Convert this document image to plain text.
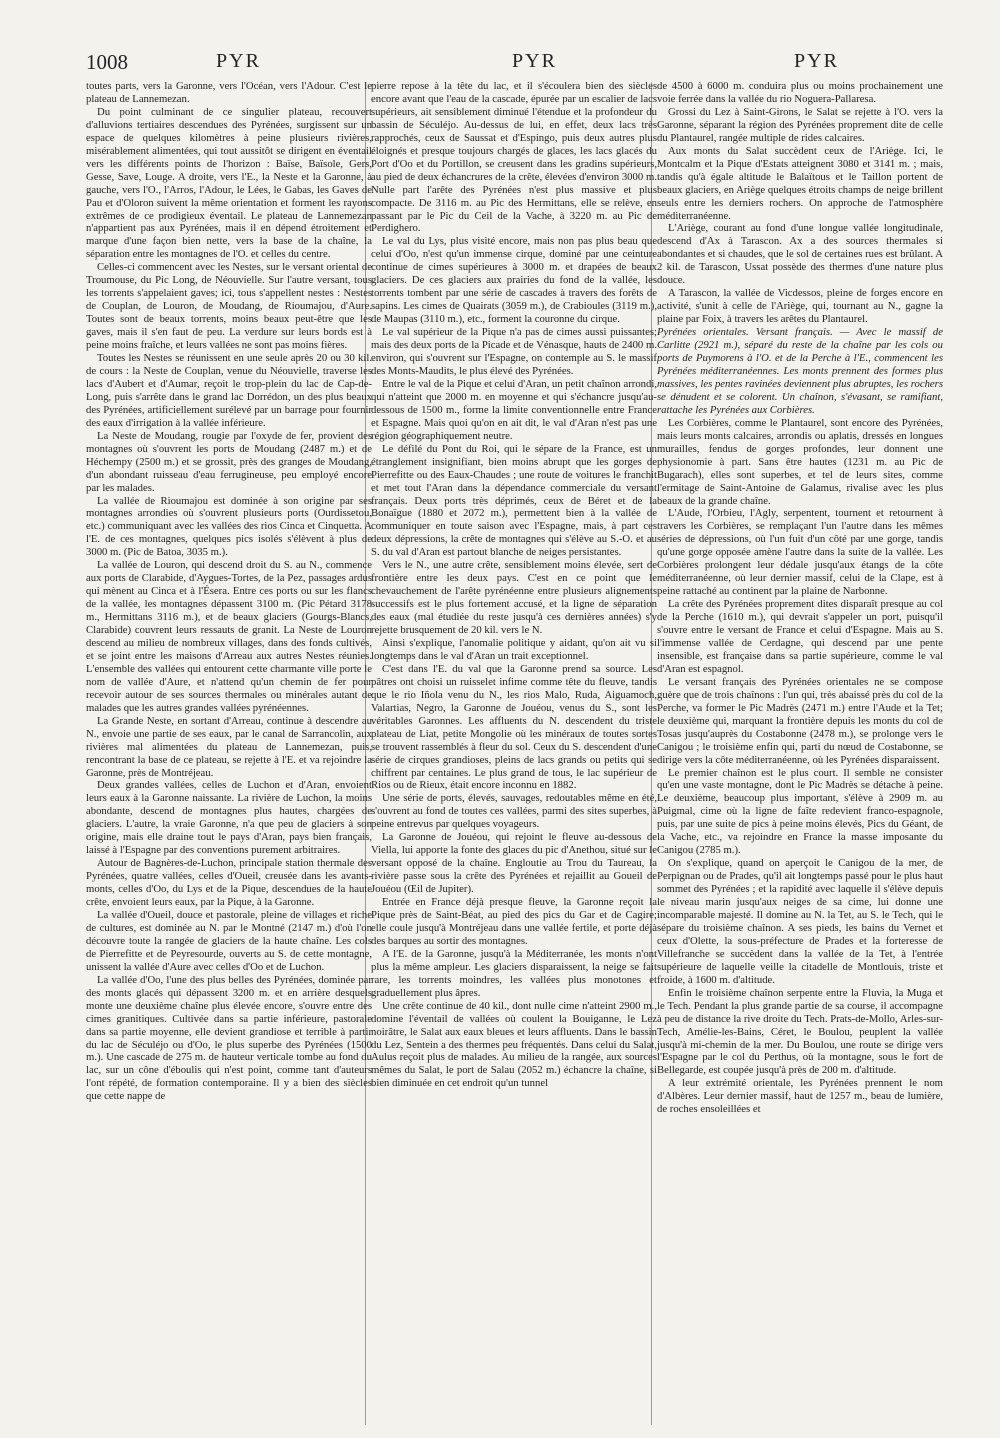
1008	PYR	PYR	PYR

toutes parts, vers la Garonne, vers l'Océan, vers l'Adour. C'est le plateau de Lannemezan.

Du point culminant de ce singulier plateau, recouvert d'alluvions tertiaires descendues des Pyrénées, surgissent sur un espace de quelques kilomètres à peine plusieurs rivières, misérablement alimentées, qui tout aussitôt se dirigent en éventail vers les différents points de l'horizon : Baïse, Baïsole, Gers, Gesse, Save, Louge. A droite, vers l'E., la Neste et la Garonne, à gauche, vers l'O., l'Arros, l'Adour, le Lées, le Gabas, les Gaves de Pau et d'Oloron suivent la même orientation et forment les rayons extrêmes de ce prodigieux éventail. Le plateau de Lannemezan n'appartient pas aux Pyrénées, mais il en dépend étroitement et marque d'une façon bien nette, vers la base de la chaîne, la séparation entre les montagnes de l'O. et celles du centre.

Celles-ci commencent avec les Nestes, sur le versant oriental de Troumouse, du Pic Long, de Néouvielle. Sur l'autre versant, tous les torrents s'appelaient gaves; ici, tous s'appellent nestes : Nestes de Couplan, de Louron, de Moudang, de Rioumajou, d'Aure. Toutes sont de beaux torrents, moins beaux peut-être que les gaves, mais il s'en faut de peu. La verdure sur leurs bords est à peine moins fraîche, et leurs vallées ne sont pas moins fières.

Toutes les Nestes se réunissent en une seule après 20 ou 30 kil. de cours : la Neste de Couplan, venue du Néouvielle, traverse les lacs d'Aubert et d'Aumar, reçoit le trop-plein du lac de Cap-de-Long, puis s'arrête dans le grand lac Dorrédon, un des plus beaux des Pyrénées, artificiellement surélevé par un barrage pour fournir des eaux d'irrigation à la vallée inférieure.

La Neste de Moudang, rougie par l'oxyde de fer, provient des montagnes où s'ouvrent les ports de Moudang (2487 m.) et de Héchempy (2500 m.) et se grossit, près des granges de Moudang, d'un abondant ruisseau d'eau ferrugineuse, peu employé encore par les malades.

La vallée de Rioumajou est dominée à son origine par ses montagnes arrondies où s'ouvrent plusieurs ports (Ourdissetou, etc.) communiquant avec les vallées des rios Cinca et Cinquetta. A l'E. de ces montagnes, quelques pics isolés s'élèvent à plus de 3000 m. (Pic de Batoa, 3035 m.).

La vallée de Louron, qui descend droit du S. au N., commence aux ports de Clarabide, d'Aygues-Tortes, de la Pez, passages ardus qui mènent au Cinca et à l'Ésera. Entre ces ports ou sur les flancs de la vallée, les montagnes dépassent 3100 m. (Pic Pétard 3178 m., Hermittans 3116 m.), et de beaux glaciers (Gourgs-Blancs, Clarabide) couvrent leurs ressauts de granit. La Neste de Louron descend au milieu de nombreux villages, dans des fonds cultivés, et se joint entre les maisons d'Arreau aux autres Nestes réunies. L'ensemble des vallées qui entourent cette charmante ville porte le nom de vallée d'Aure, et n'attend qu'un chemin de fer pour recevoir autour de ses sources thermales ou minérales autant de malades que les autres grandes vallées pyrénéennes.

La Grande Neste, en sortant d'Arreau, continue à descendre au N., envoie une partie de ses eaux, par le canal de Sarrancolin, aux rivières mal alimentées du plateau de Lannemezan, puis, rencontrant la base de ce plateau, se rejette à l'E. et va rejoindre la Garonne, près de Montréjeau.

Deux grandes vallées, celles de Luchon et d'Aran, envoient leurs eaux à la Garonne naissante. La rivière de Luchon, la moins abondante, descend de montagnes plus hautes, chargées de glaciers. L'autre, la vraie Garonne, n'a que peu de glaciers à son origine, mais elle draine tout le pays d'Aran, pays bien français, laissé à l'Espagne par des conventions purement arbitraires.

Autour de Bagnères-de-Luchon, principale station thermale des Pyrénées, quatre vallées, celles d'Oueil, creusée dans les avants-monts, celles d'Oo, du Lys et de la Pique, descendues de la haute crête, envoient leurs eaux, par la Pique, à la Garonne.

La vallée d'Oueil, douce et pastorale, pleine de villages et riche de cultures, est dominée au N. par le Montné (2147 m.) d'où l'on découvre toute la rangée de glaciers de la haute chaîne. Les cols de Pierrefitte et de Peyresourde, ouverts au S. de cette montagne, unissent la vallée d'Aure avec celles d'Oo et de Luchon.

La vallée d'Oo, l'une des plus belles des Pyrénées, dominée par des monts glacés qui dépassent 3200 m. et en arrière desquels monte une deuxième chaîne plus élevée encore, s'ouvre entre des cimes granitiques. Cultivée dans sa partie inférieure, pastorale dans sa partie moyenne, elle devient grandiose et terrible à partir du lac de Séculéjo ou d'Oo, le plus superbe des Pyrénées (1500 m.). Une cascade de 275 m. de hauteur verticale tombe au fond du lac, sur un cône d'éboulis qui n'est point, comme tant d'auteurs l'ont répété, de formation contemporaine. Il y a bien des siècles que cette nappe de

pierre repose à la tête du lac, et il s'écoulera bien des siècles encore avant que l'eau de la cascade, épurée par un escalier de lacs supérieurs, ait sensiblement diminué l'étendue et la profondeur du bassin de Séculéjo. Au-dessus de lui, en effet, deux lacs très rapprochés, ceux de Saussat et d'Espingo, puis deux autres plus éloignés et presque toujours chargés de glaces, les lacs glacés du Port d'Oo et du Portillon, se creusent dans les gradins supérieurs, au pied de deux échancrures de la crête, élevées d'environ 3000 m. Nulle part l'arête des Pyrénées n'est plus massive et plus compacte. De 3116 m. au Pic des Hermittans, elle se relève, en passant par le Pic du Ceil de la Vache, à 3220 m. au Pic de Perdighero.

Le val du Lys, plus visité encore, mais non pas plus beau que celui d'Oo, n'est qu'un immense cirque, dominé par une ceinture continue de cimes supérieures à 3000 m. et drapées de beaux glaciers. De ces glaciers aux prairies du fond de la vallée, les torrents tombent par une série de cascades à travers des forêts de sapins. Les cimes de Quairats (3059 m.), de Crabioules (3119 m.), de Maupas (3110 m.), etc., forment la couronne du cirque.

Le val supérieur de la Pique n'a pas de cimes aussi puissantes; mais des deux ports de la Picade et de Vénasque, hauts de 2400 m. environ, qui s'ouvrent sur l'Espagne, on contemple au S. le massif des Monts-Maudits, le plus élevé des Pyrénées.

Entre le val de la Pique et celui d'Aran, un petit chaînon arrondi, qui n'atteint que 2000 m. en moyenne et qui s'échancre jusqu'au-dessous de 1500 m., forme la limite conventionnelle entre France et Espagne. Mais quoi qu'on en ait dit, le val d'Aran n'est pas une région géographiquement neutre.

Le défilé du Pont du Roi, qui le sépare de la France, est un étranglement insignifiant, bien moins abrupt que les gorges de Pierrefitte ou des Eaux-Chaudes ; une route de voitures le franchit et met tout l'Aran dans la dépendance commerciale du versant français. Deux ports très déprimés, ceux de Béret et de la Bonaïgue (1880 et 2072 m.), permettent bien à la vallée de communiquer en toute saison avec l'Espagne, mais, à part ces deux dépressions, la crête de montagnes qui s'élève au S.-O. et au S. du val d'Aran est partout blanche de neiges persistantes.

Vers le N., une autre crête, sensiblement moins élevée, sert de frontière entre les deux pays. C'est en ce point que le chevauchement de l'arête pyrénéenne entre plusieurs alignements successifs est le plus fortement accusé, et la ligne de séparation des eaux (mal étudiée du reste jusqu'à ces dernières années) s'y rejette brusquement de 20 kil. vers le N.

Ainsi s'explique, l'anomalie politique y aidant, qu'on ait vu si longtemps dans le val d'Aran un trait exceptionnel.

C'est dans l'E. du val que la Garonne prend sa source. Les pâtres ont choisi un ruisselet infime comme tête du fleuve, tandis que le rio Iñola venu du N., les rios Malo, Ruda, Aiguamoch, Valartias, Negro, la Garonne de Jouéou, venus du S., sont les véritables Garonnes. Les affluents du N. descendent du triste plateau de Liat, petite Mongolie où les minéraux de toutes sortes se trouvent rassemblés à fleur du sol. Ceux du S. descendent d'une série de cirques grandioses, pleins de lacs grands ou petits qui se chiffrent par centaines. Le plus grand de tous, le lac supérieur de Rios ou de Rieux, était encore inconnu en 1882.

Une série de ports, élevés, sauvages, redoutables même en été, s'ouvrent au fond de toutes ces vallées, parmi des sites superbes, à peine entrevus par quelques voyageurs.

La Garonne de Jouéou, qui rejoint le fleuve au-dessous de Viella, lui apporte la fonte des glaces du pic d'Anethou, situé sur le versant opposé de la chaîne. Engloutie au Trou du Taureau, la rivière passe sous la crête des Pyrénées et rejaillit au Goueil de Jouéou (Œil de Jupiter).

Entrée en France déjà presque fleuve, la Garonne reçoit la Pique près de Saint-Béat, au pied des pics du Gar et de Cagire; elle coule jusqu'à Montréjeau dans une vallée fertile, et porte déjà des barques au sortir des montagnes.

A l'E. de la Garonne, jusqu'à la Méditerranée, les monts n'ont plus la même ampleur. Les glaciers disparaissent, la neige se fait rare, les torrents moindres, les vallées plus monotones et graduellement plus âpres.

Une crête continue de 40 kil., dont nulle cime n'atteint 2900 m., domine l'éventail de vallées où coulent la Bouiganne, le Lez noirâtre, le Salat aux eaux bleues et leurs affluents. Dans le bassin du Lez, Sentein a des thermes peu fréquentés. Dans celui du Salat, Aulus reçoit plus de malades. Au milieu de la rangée, aux sources mêmes du Salat, le port de Salau (2052 m.) échancre la chaîne, si bien diminuée en cet endroit qu'un tunnel

de 4500 à 6000 m. conduira plus ou moins prochainement une voie ferrée dans la vallée du rio Noguera-Pallaresa.

Grossi du Lez à Saint-Girons, le Salat se rejette à l'O. vers la Garonne, séparant la région des Pyrénées proprement dite de celle du Plantaurel, rangée multiple de rides calcaires.

Aux monts du Salat succèdent ceux de l'Ariège. Ici, le Montcalm et la Pique d'Estats atteignent 3080 et 3141 m. ; mais, tandis qu'à égale altitude le Balaïtous et le Taillon portent de beaux glaciers, en Ariège quelques étroits champs de neige brillent seuls entre les derniers rochers. On approche de l'atmosphère méditerranéenne.

L'Ariège, courant au fond d'une longue vallée longitudinale, descend d'Ax à Tarascon. Ax a des sources thermales si abondantes et si chaudes, que le sol de certaines rues est brûlant. A 2 kil. de Tarascon, Ussat possède des thermes d'une nature plus douce.

A Tarascon, la vallée de Vicdessos, pleine de forges encore en activité, s'unit à celle de l'Ariège, qui, tournant au N., gagne la plaine par Foix, à travers les arêtes du Plantaurel.

Pyrénées orientales. Versant français. — Avec le massif de Carlitte (2921 m.), séparé du reste de la chaîne par les cols ou ports de Puymorens à l'O. et de la Perche à l'E., commencent les Pyrénées méditerranéennes. Les monts prennent des formes plus massives, les pentes ravinées deviennent plus abruptes, les rochers se dénudent et se colorent. Un chaînon, s'évasant, se ramifiant, rattache les Pyrénées aux Corbières.

Les Corbières, comme le Plantaurel, sont encore des Pyrénées, mais leurs monts calcaires, arrondis ou aplatis, dressés en longues murailles, fendus de gorges profondes, leur donnent une physionomie à part. Sans être hautes (1231 m. au Pic de Bugarach), elles sont superbes, et tel de leurs sites, comme l'ermitage de Saint-Antoine de Galamus, rivalise avec les plus beaux de la grande chaîne.

L'Aude, l'Orbieu, l'Agly, serpentent, tournent et retournent à travers les Corbières, se remplaçant l'un l'autre dans les mêmes séries de dépressions, où l'un fuit d'un côté par une gorge, tandis qu'une gorge opposée amène l'autre dans la suite de la vallée. Les Corbières prolongent leur dédale jusqu'aux étangs de la côte méditerranéenne, où leur dernier massif, celui de la Clape, est à peine rattaché au continent par la plaine de Narbonne.

La crête des Pyrénées proprement dites disparaît presque au col de la Perche (1610 m.), qui devrait s'appeler un port, puisqu'il s'ouvre entre le versant de France et celui d'Espagne. Mais au S. l'immense vallée de Cerdagne, qui descend par une pente insensible, est française dans sa partie supérieure, comme le val d'Aran est espagnol.

Le versant français des Pyrénées orientales ne se compose guère que de trois chaînons : l'un qui, très abaissé près du col de la Perche, va former le Pic Madrès (2471 m.) entre l'Aude et la Tet; le deuxième qui, marquant la frontière depuis les monts du col de Tosas jusqu'auprès du Costabonne (2478 m.), se prolonge vers le Canigou ; le troisième enfin qui, parti du nœud de Costabonne, se dirige vers la côte méditerranéenne, où les Pyrénées disparaissent.

Le premier chaînon est le plus court. Il semble ne consister qu'en une vaste montagne, dont le Pic Madrès se détache à peine. Le deuxième, beaucoup plus important, s'élève à 2909 m. au Puigmal, cime où la ligne de faîte redevient franco-espagnole, puis, par une suite de pics à peine moins élevés, Pics du Géant, de la Vache, etc., va rejoindre en France la masse imposante du Canigou (2785 m.).

On s'explique, quand on aperçoit le Canigou de la mer, de Perpignan ou de Prades, qu'il ait longtemps passé pour le plus haut sommet des Pyrénées ; et la rapidité avec laquelle il s'élève depuis le niveau marin jusqu'aux neiges de sa cime, lui donne une incomparable majesté. Il domine au N. la Tet, au S. le Tech, qui le sépare du troisième chaînon. A ses pieds, les bains du Vernet et ceux d'Olette, la sous-préfecture de Prades et la forteresse de Villefranche se succèdent dans la vallée de la Tet, à l'entrée supérieure de laquelle veille la citadelle de Montlouis, triste et froide, à 1600 m. d'altitude.

Enfin le troisième chaînon serpente entre la Fluvia, la Muga et le Tech. Pendant la plus grande partie de sa course, il accompagne à peu de distance la rive droite du Tech. Prats-de-Mollo, Arles-sur-Tech, Amélie-les-Bains, Céret, le Boulou, peuplent la vallée jusqu'à mi-chemin de la mer. Du Boulou, une route se dirige vers l'Espagne par le col du Perthus, où la montagne, sous le fort de Bellegarde, est coupée jusqu'à près de 200 m. d'altitude.

A leur extrémité orientale, les Pyrénées prennent le nom d'Albères. Leur dernier massif, haut de 1257 m., beau de lumière, de roches ensoleillées et
